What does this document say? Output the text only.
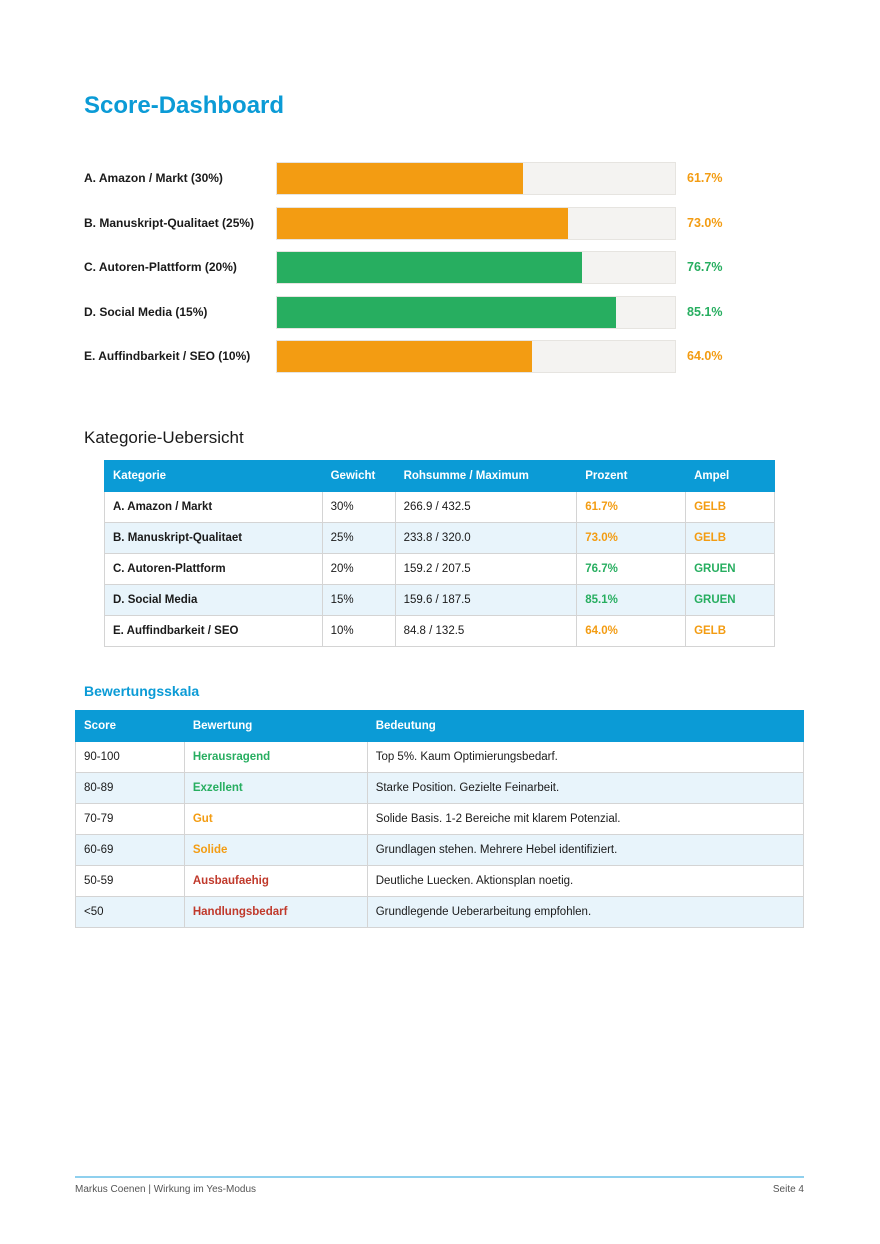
Score-Dashboard
A. Amazon / Markt (30%)	61.7%
B. Manuskript-Qualitaet (25%)	73.0%
C. Autoren-Plattform (20%)	76.7%
D. Social Media (15%)	85.1%
E. Auffindbarkeit / SEO (10%)	64.0%
Kategorie-Uebersicht
Kategorie	Gewicht	Rohsumme / Maximum	Prozent	Ampel
A. Amazon / Markt	30%	266.9 / 432.5	61.7%	GELB
B. Manuskript-Qualitaet	25%	233.8 / 320.0	73.0%	GELB
C. Autoren-Plattform	20%	159.2 / 207.5	76.7%	GRUEN
D. Social Media	15%	159.6 / 187.5	85.1%	GRUEN
E. Auffindbarkeit / SEO	10%	84.8 / 132.5	64.0%	GELB
Bewertungsskala
Score	Bewertung	Bedeutung
90-100	Herausragend	Top 5%. Kaum Optimierungsbedarf.
80-89	Exzellent	Starke Position. Gezielte Feinarbeit.
70-79	Gut	Solide Basis. 1-2 Bereiche mit klarem Potenzial.
60-69	Solide	Grundlagen stehen. Mehrere Hebel identifiziert.
50-59	Ausbaufaehig	Deutliche Luecken. Aktionsplan noetig.
<50	Handlungsbedarf	Grundlegende Ueberarbeitung empfohlen.
Markus Coenen | Wirkung im Yes-Modus	Seite 4
